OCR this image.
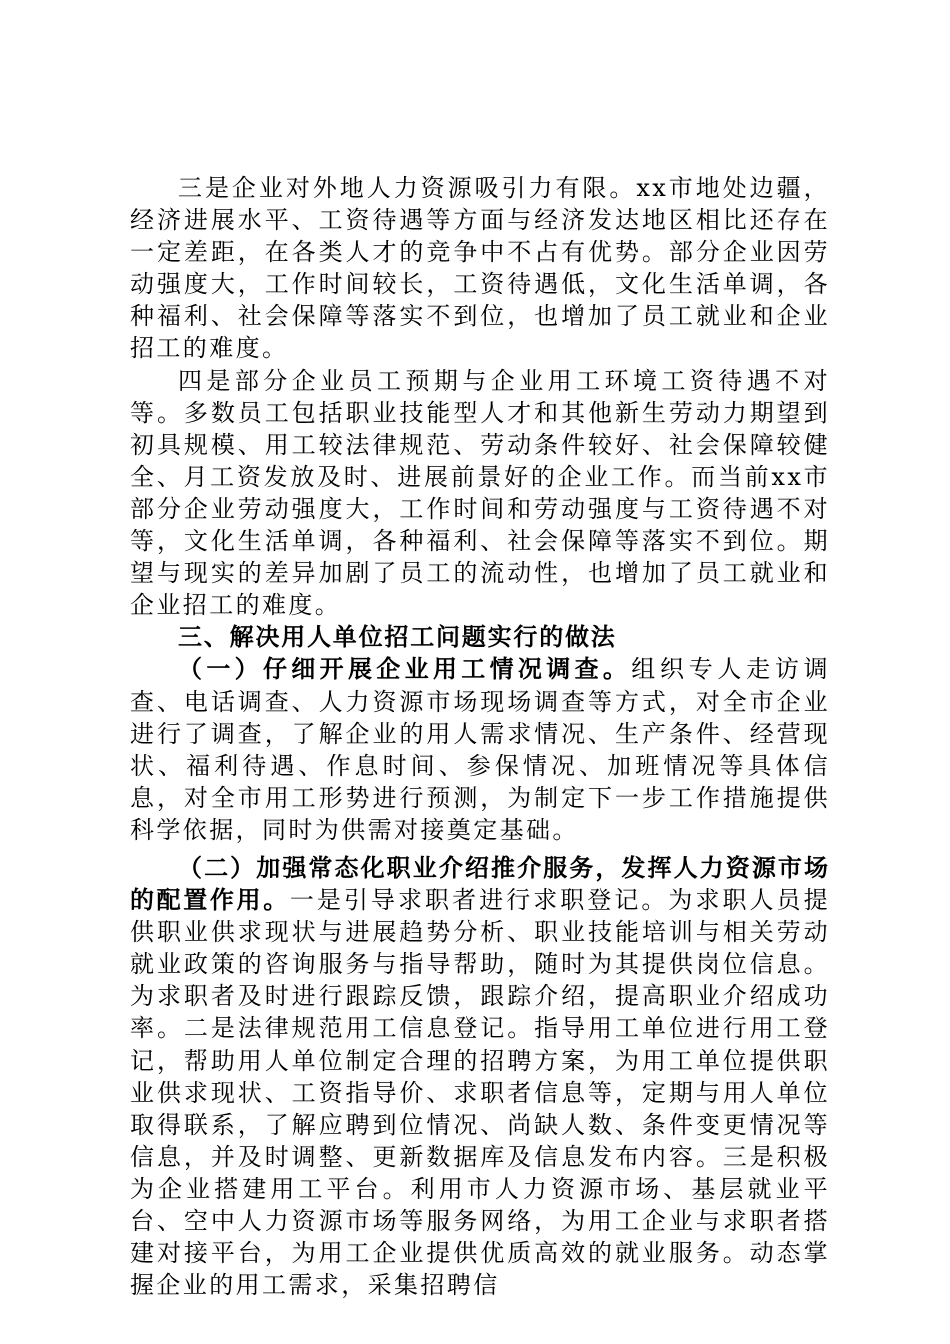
三是企业对外地人力资源吸引力有限。xx市地处边疆，经济进展水平、工资待遇等方面与经济发达地区相比还存在一定差距，在各类人才的竞争中不占有优势。部分企业因劳动强度大，工作时间较长，工资待遇低，文化生活单调，各种福利、社会保障等落实不到位，也增加了员工就业和企业招工的难度。

四是部分企业员工预期与企业用工环境工资待遇不对等。多数员工包括职业技能型人才和其他新生劳动力期望到初具规模、用工较法律规范、劳动条件较好、社会保障较健全、月工资发放及时、进展前景好的企业工作。而当前xx市部分企业劳动强度大，工作时间和劳动强度与工资待遇不对等，文化生活单调，各种福利、社会保障等落实不到位。期望与现实的差异加剧了员工的流动性，也增加了员工就业和企业招工的难度。

三、解决用人单位招工问题实行的做法

（一）仔细开展企业用工情况调查。组织专人走访调查、电话调查、人力资源市场现场调查等方式，对全市企业进行了调查，了解企业的用人需求情况、生产条件、经营现状、福利待遇、作息时间、参保情况、加班情况等具体信息，对全市用工形势进行预测，为制定下一步工作措施提供科学依据，同时为供需对接奠定基础。

（二）加强常态化职业介绍推介服务，发挥人力资源市场的配置作用。一是引导求职者进行求职登记。为求职人员提供职业供求现状与进展趋势分析、职业技能培训与相关劳动就业政策的咨询服务与指导帮助，随时为其提供岗位信息。为求职者及时进行跟踪反馈，跟踪介绍，提高职业介绍成功率。二是法律规范用工信息登记。指导用工单位进行用工登记，帮助用人单位制定合理的招聘方案，为用工单位提供职业供求现状、工资指导价、求职者信息等，定期与用人单位取得联系，了解应聘到位情况、尚缺人数、条件变更情况等信息，并及时调整、更新数据库及信息发布内容。三是积极为企业搭建用工平台。利用市人力资源市场、基层就业平台、空中人力资源市场等服务网络，为用工企业与求职者搭建对接平台，为用工企业提供优质高效的就业服务。动态掌握企业的用工需求，采集招聘信
